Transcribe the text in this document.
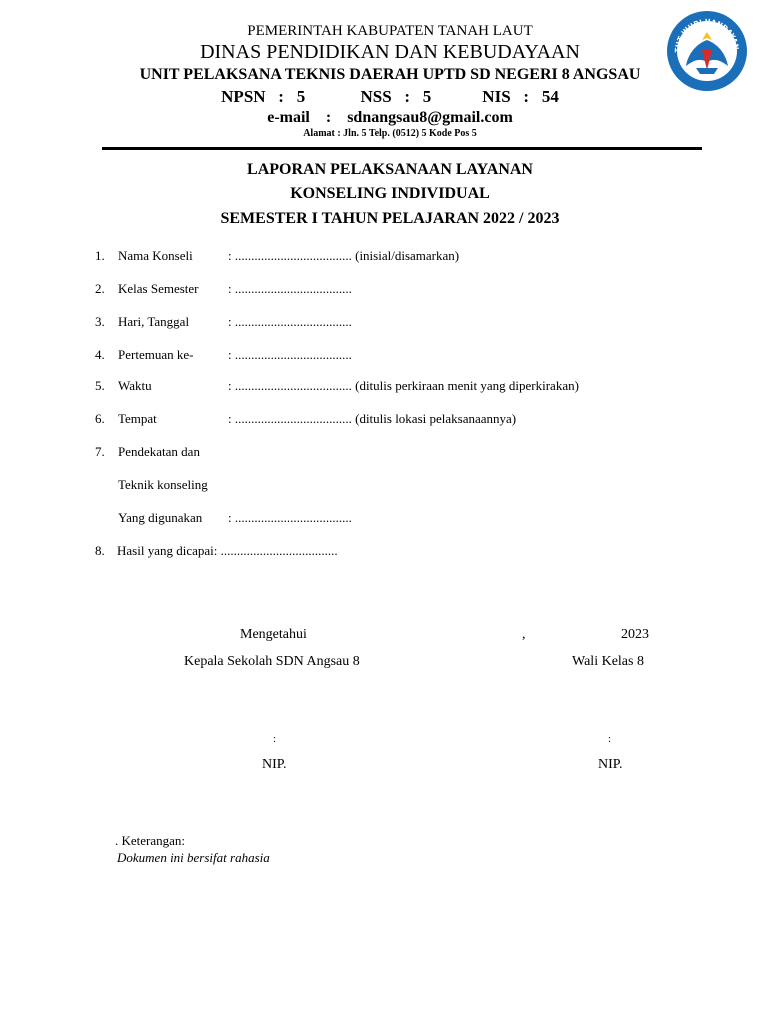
PEMERINTAH KABUPATEN TANAH LAUT
DINAS PENDIDIKAN DAN KEBUDAYAAN
UNIT PELAKSANA TEKNIS DAERAH UPTD SD NEGERI 8 ANGSAU
NPSN   :   5             NSS   :   5            NIS   :   54
e-mail    :    sdnangsau8@gmail.com
Alamat : Jln. 5 Telp. (0512) 5 Kode Pos 5
TUT WURI HANDAYAN
LAPORAN PELAKSANAAN LAYANAN
KONSELING INDIVIDUAL
SEMESTER I TAHUN PELAJARAN 2022 / 2023
1. Nama Konseli	: .................................... (inisial/disamarkan)
2. Kelas Semester : ....................................
3. Hari, Tanggal	: ....................................
4. Pertemuan ke-	: ....................................
5. Waktu	: .................................... (ditulis perkiraan menit yang diperkirakan)
6. Tempat	: .................................... (ditulis lokasi pelaksanaannya)
7. Pendekatan dan
Teknik konseling
Yang digunakan : ....................................
8. Hasil yang dicapai: ....................................
Mengetahui	,	2023
Kepala Sekolah SDN Angsau 8	Wali Kelas 8
:	:
NIP.	NIP.
. Keterangan:
Dokumen ini bersifat rahasia
